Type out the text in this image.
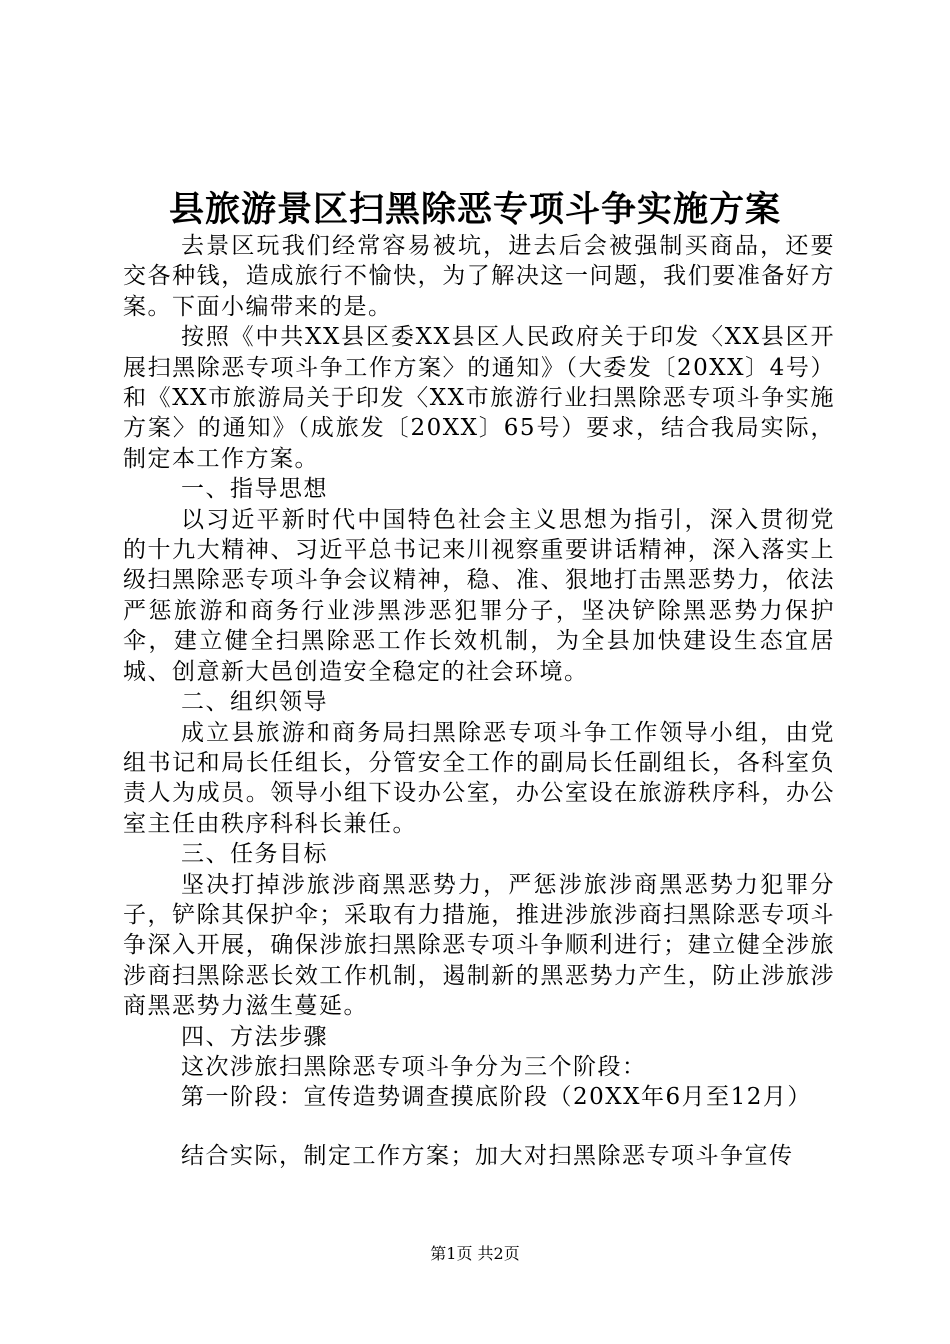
县旅游景区扫黑除恶专项斗争实施方案

去景区玩我们经常容易被坑，进去后会被强制买商品，还要交各种钱，造成旅行不愉快，为了解决这一问题，我们要准备好方案。下面小编带来的是。

按照《中共XX县区委XX县区人民政府关于印发〈XX县区开展扫黑除恶专项斗争工作方案〉的通知》（大委发〔20XX〕4号）和《XX市旅游局关于印发〈XX市旅游行业扫黑除恶专项斗争实施方案〉的通知》（成旅发〔20XX〕65号）要求，结合我局实际，制定本工作方案。

一、指导思想

以习近平新时代中国特色社会主义思想为指引，深入贯彻党的十九大精神、习近平总书记来川视察重要讲话精神，深入落实上级扫黑除恶专项斗争会议精神，稳、准、狠地打击黑恶势力，依法严惩旅游和商务行业涉黑涉恶犯罪分子，坚决铲除黑恶势力保护伞，建立健全扫黑除恶工作长效机制，为全县加快建设生态宜居城、创意新大邑创造安全稳定的社会环境。

二、组织领导

成立县旅游和商务局扫黑除恶专项斗争工作领导小组，由党组书记和局长任组长，分管安全工作的副局长任副组长，各科室负责人为成员。领导小组下设办公室，办公室设在旅游秩序科，办公室主任由秩序科科长兼任。

三、任务目标

坚决打掉涉旅涉商黑恶势力，严惩涉旅涉商黑恶势力犯罪分子，铲除其保护伞；采取有力措施，推进涉旅涉商扫黑除恶专项斗争深入开展，确保涉旅扫黑除恶专项斗争顺利进行；建立健全涉旅涉商扫黑除恶长效工作机制，遏制新的黑恶势力产生，防止涉旅涉商黑恶势力滋生蔓延。

四、方法步骤

这次涉旅扫黑除恶专项斗争分为三个阶段：

第一阶段：宣传造势调查摸底阶段（20XX年6月至12月）

结合实际，制定工作方案；加大对扫黑除恶专项斗争宣传

第1页 共2页
